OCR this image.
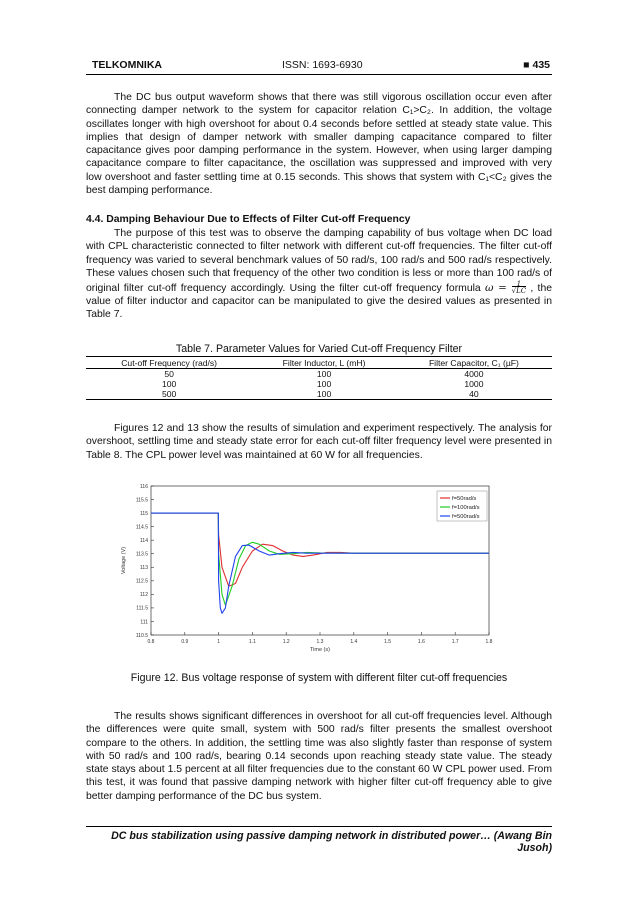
TELKOMNIKA	ISSN: 1693-6930	■ 435
The DC bus output waveform shows that there was still vigorous oscillation occur even after connecting damper network to the system for capacitor relation C₁>C₂. In addition, the voltage oscillates longer with high overshoot for about 0.4 seconds before settled at steady state value. This implies that design of damper network with smaller damping capacitance compared to filter capacitance gives poor damping performance in the system. However, when using larger damping capacitance compare to filter capacitance, the oscillation was suppressed and improved with very low overshoot and faster settling time at 0.15 seconds. This shows that system with C₁<C₂ gives the best damping performance.
4.4. Damping Behaviour Due to Effects of Filter Cut-off Frequency
The purpose of this test was to observe the damping capability of bus voltage when DC load with CPL characteristic connected to filter network with different cut-off frequencies. The filter cut-off frequency was varied to several benchmark values of 50 rad/s, 100 rad/s and 500 rad/s respectively. These values chosen such that frequency of the other two condition is less or more than 100 rad/s of original filter cut-off frequency accordingly. Using the filter cut-off frequency formula $\omega = \frac{1}{√LC}$ , the value of filter inductor and capacitor can be manipulated to give the desired values as presented in Table 7.
Table 7. Parameter Values for Varied Cut-off Frequency Filter
Cut-off Frequency (rad/s)	Filter Inductor, L (mH)	Filter Capacitor, C₁ (µF)
50	100	4000
100	100	1000
500	100	40
Figures 12 and 13 show the results of simulation and experiment respectively. The analysis for overshoot, settling time and steady state error for each cut-off filter frequency level were presented in Table 8. The CPL power level was maintained at 60 W for all frequencies.
0.8	0.9	1	1.1	1.2	1.3	1.4	1.5	1.6	1.7	1.8
110.5
111
111.5
112
112.5
113
113.5
114
114.5
115
115.5
116
Time (s)
Voltage (V)
f=50rad/s
f=100rad/s
f=500rad/s
Figure 12. Bus voltage response of system with different filter cut-off frequencies
The results shows significant differences in overshoot for all cut-off frequencies level. Although the differences were quite small, system with 500 rad/s filter presents the smallest overshoot compare to the others. In addition, the settling time was also slightly faster than response of system with 50 rad/s and 100 rad/s, bearing 0.14 seconds upon reaching steady state value. The steady state stays about 1.5 percent at all filter frequencies due to the constant 60 W CPL power used. From this test, it was found that passive damping network with higher filter cut-off frequency able to give better damping performance of the DC bus system.
DC bus stabilization using passive damping network in distributed power… (Awang Bin Jusoh)
